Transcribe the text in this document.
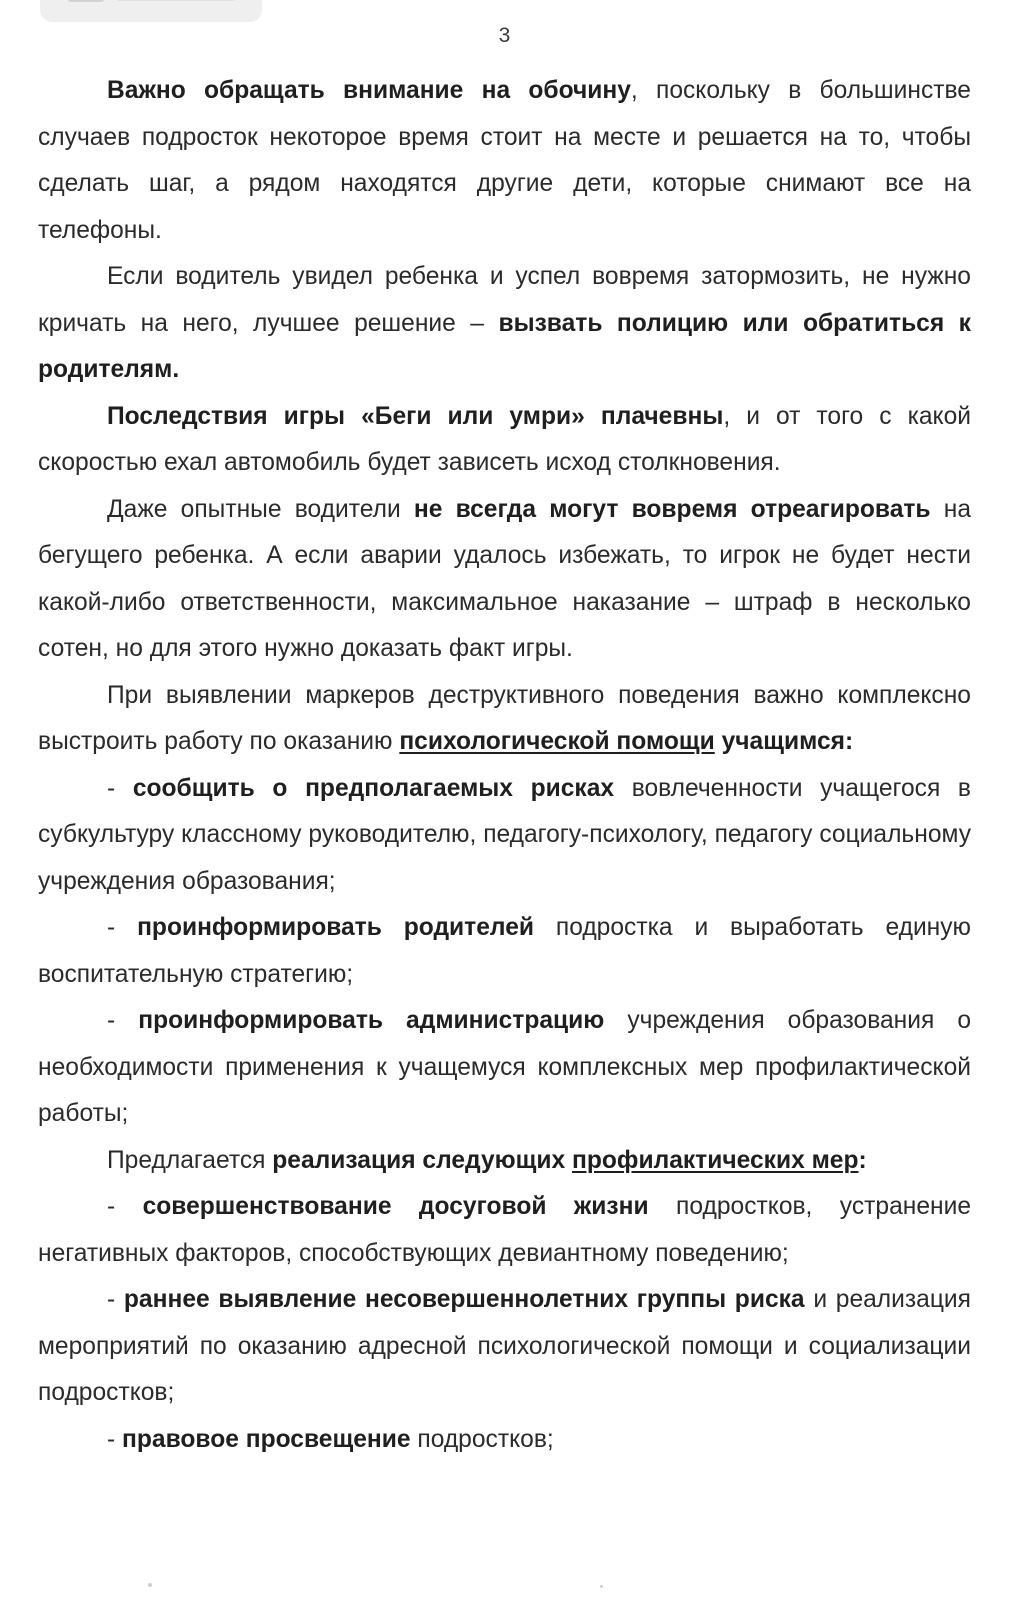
3

Важно обращать внимание на обочину, поскольку в большинстве случаев подросток некоторое время стоит на месте и решается на то, чтобы сделать шаг, а рядом находятся другие дети, которые снимают все на телефоны.

Если водитель увидел ребенка и успел вовремя затормозить, не нужно кричать на него, лучшее решение – вызвать полицию или обратиться к родителям.

Последствия игры «Беги или умри» плачевны, и от того с какой скоростью ехал автомобиль будет зависеть исход столкновения.

Даже опытные водители не всегда могут вовремя отреагировать на бегущего ребенка. А если аварии удалось избежать, то игрок не будет нести какой-либо ответственности, максимальное наказание – штраф в несколько сотен, но для этого нужно доказать факт игры.

При выявлении маркеров деструктивного поведения важно комплексно выстроить работу по оказанию психологической помощи учащимся:

- сообщить о предполагаемых рисках вовлеченности учащегося в субкультуру классному руководителю, педагогу-психологу, педагогу социальному учреждения образования;

- проинформировать родителей подростка и выработать единую воспитательную стратегию;

- проинформировать администрацию учреждения образования о необходимости применения к учащемуся комплексных мер профилактической работы;

Предлагается реализация следующих профилактических мер:

- совершенствование досуговой жизни подростков, устранение негативных факторов, способствующих девиантному поведению;

- раннее выявление несовершеннолетних группы риска и реализация мероприятий по оказанию адресной психологической помощи и социализации подростков;

- правовое просвещение подростков;
